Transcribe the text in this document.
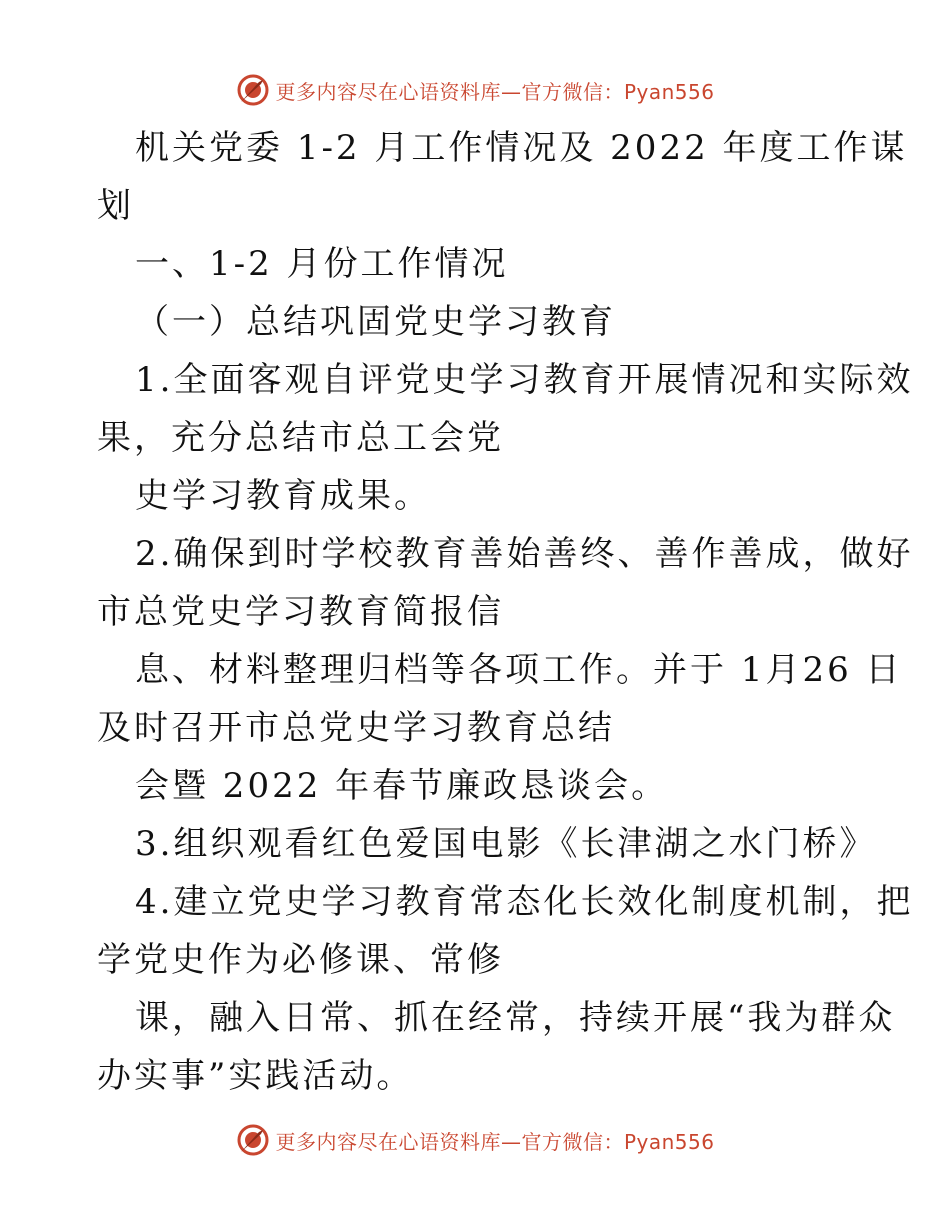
更多内容尽在心语资料库—官方微信：Pyan556
机关党委 1-2 月工作情况及 2022 年度工作谋
划
一、1-2 月份工作情况
（一）总结巩固党史学习教育
1.全面客观自评党史学习教育开展情况和实际效
果，充分总结市总工会党
史学习教育成果。
2.确保到时学校教育善始善终、善作善成，做好
市总党史学习教育简报信
息、材料整理归档等各项工作。并于 1月26 日
及时召开市总党史学习教育总结
会暨 2022 年春节廉政恳谈会。
3.组织观看红色爱国电影《长津湖之水门桥》
4.建立党史学习教育常态化长效化制度机制，把
学党史作为必修课、常修
课，融入日常、抓在经常，持续开展“我为群众
办实事”实践活动。
更多内容尽在心语资料库—官方微信：Pyan556
